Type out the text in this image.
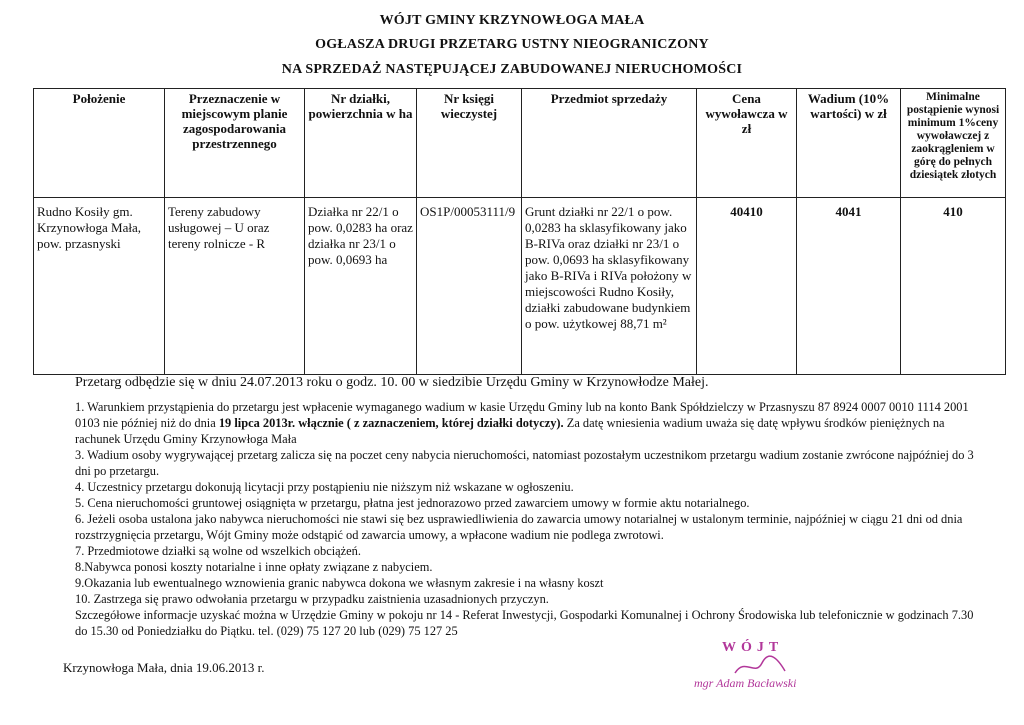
WÓJT GMINY KRZYNOWŁOGA MAŁA
OGŁASZA DRUGI PRZETARG USTNY NIEOGRANICZONY
NA SPRZEDAŻ NASTĘPUJĄCEJ ZABUDOWANEJ NIERUCHOMOŚCI
Położenie	Przeznaczenie w miejscowym planie zagospodarowania przestrzennego	Nr działki, powierzchnia w ha	Nr księgi wieczystej	Przedmiot sprzedaży	Cena wywoławcza w zł	Wadium (10% wartości) w zł	Minimalne postąpienie wynosi minimum 1%ceny wywoławczej z zaokrągleniem w górę do pełnych dziesiątek złotych
Rudno Kosiły gm. Krzynowłoga Mała, pow. przasnyski	Tereny zabudowy usługowej – U oraz tereny rolnicze - R	Działka nr 22/1 o pow. 0,0283 ha oraz działka nr 23/1 o pow. 0,0693 ha	OS1P/00053111/9	Grunt działki nr 22/1 o pow. 0,0283 ha sklasyfikowany jako B-RIVa oraz działki nr 23/1 o pow. 0,0693 ha sklasyfikowany jako B-RIVa i RIVa położony w miejscowości Rudno Kosiły, działki zabudowane budynkiem o pow. użytkowej 88,71 m²	40410	4041	410
Przetarg odbędzie się w dniu 24.07.2013 roku o godz. 10. 00 w siedzibie Urzędu Gminy w Krzynowłodze Małej.

1. Warunkiem przystąpienia do przetargu jest wpłacenie wymaganego wadium w kasie Urzędu Gminy lub na konto Bank Spółdzielczy w Przasnyszu 87 8924 0007 0010 1114 2001 0103 nie później niż do dnia 19 lipca 2013r. włącznie ( z zaznaczeniem, której działki dotyczy). Za datę wniesienia wadium uważa się datę wpływu środków pieniężnych na rachunek Urzędu Gminy Krzynowłoga Mała

3. Wadium osoby wygrywającej przetarg zalicza się na poczet ceny nabycia nieruchomości, natomiast pozostałym uczestnikom przetargu wadium zostanie zwrócone najpóźniej do 3 dni po przetargu.

4. Uczestnicy przetargu dokonują licytacji przy postąpieniu nie niższym niż wskazane w ogłoszeniu.

5. Cena nieruchomości gruntowej osiągnięta w przetargu, płatna jest jednorazowo przed zawarciem umowy w formie aktu notarialnego.

6. Jeżeli osoba ustalona jako nabywca nieruchomości nie stawi się bez usprawiedliwienia do zawarcia umowy notarialnej w ustalonym terminie, najpóźniej w ciągu 21 dni od dnia rozstrzygnięcia przetargu, Wójt Gminy może odstąpić od zawarcia umowy, a wpłacone wadium nie podlega zwrotowi.

7. Przedmiotowe działki są wolne od wszelkich obciążeń.

8.Nabywca ponosi koszty notarialne i inne opłaty związane z nabyciem.

9.Okazania lub ewentualnego wznowienia granic nabywca dokona we własnym zakresie i na własny koszt

10. Zastrzega się prawo odwołania przetargu w przypadku zaistnienia uzasadnionych przyczyn.

Szczegółowe informacje uzyskać można w Urzędzie Gminy w pokoju nr 14 - Referat Inwestycji, Gospodarki Komunalnej i Ochrony Środowiska lub telefonicznie w godzinach 7.30 do 15.30 od Poniedziałku do Piątku. tel. (029) 75 127 20 lub (029) 75 127 25

Krzynowłoga Mała, dnia 19.06.2013 r.
WÓJT
mgr Adam Bacławski
